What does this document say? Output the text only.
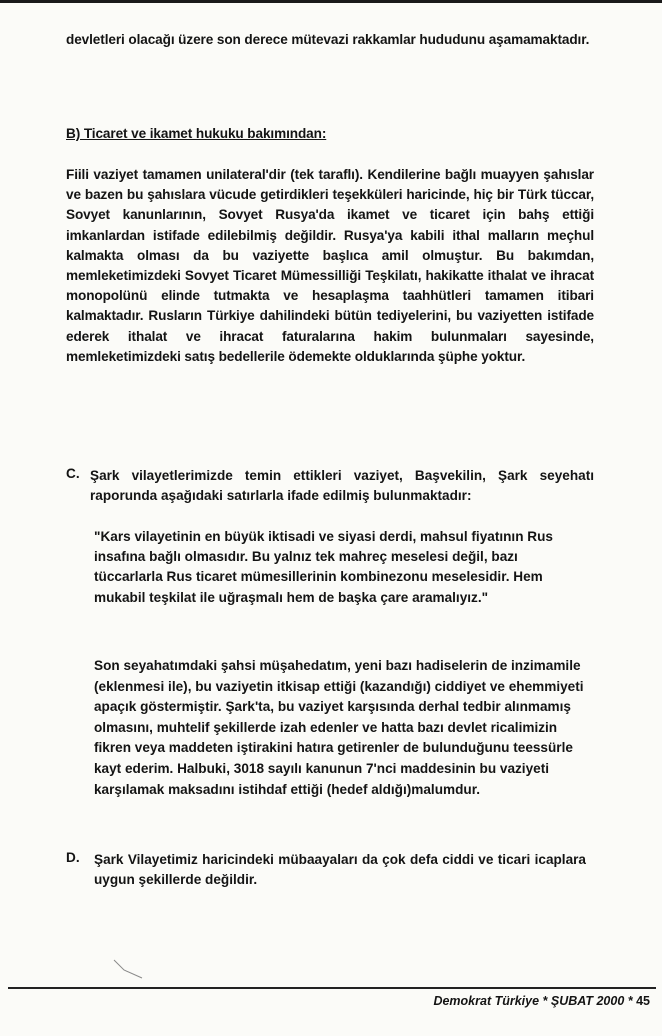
devletleri olacağı üzere son derece mütevazi rakkamlar hududunu aşamamaktadır.

B) Ticaret ve ikamet hukuku bakımından:

Fiili vaziyet tamamen unilateral'dir (tek taraflı). Kendilerine bağlı muayyen şahıslar ve bazen bu şahıslara vücude getirdikleri teşekküleri haricinde, hiç bir Türk tüccar, Sovyet kanunlarının, Sovyet Rusya'da ikamet ve ticaret için bahş ettiği imkanlardan istifade edilebilmiş değildir. Rusya'ya kabili ithal malların meçhul kalmakta olması da bu vaziyette başlıca amil olmuştur. Bu bakımdan, memleketimizdeki Sovyet Ticaret Mümessilliği Teşkilatı, hakikatte ithalat ve ihracat monopolünü elinde tutmakta ve hesaplaşma taahhütleri tamamen itibari kalmaktadır. Rusların Türkiye dahilindeki bütün tediyelerini, bu vaziyetten istifade ederek ithalat ve ihracat faturalarına hakim bulunmaları sayesinde, memleketimizdeki satış bedellerile ödemekte olduklarında şüphe yoktur.

C. Şark vilayetlerimizde temin ettikleri vaziyet, Başvekilin, Şark seyehatı raporunda aşağıdaki satırlarla ifade edilmiş bulunmaktadır:

"Kars vilayetinin en büyük iktisadi ve siyasi derdi, mahsul fiyatının Rus insafına bağlı olmasıdır. Bu yalnız tek mahreç meselesi değil, bazı tüccarlarla Rus ticaret mümesillerinin kombinezonu meselesidir. Hem mukabil teşkilat ile uğraşmalı hem de başka çare aramalıyız."

Son seyahatımdaki şahsi müşahedatım, yeni bazı hadiselerin de inzimamile (eklenmesi ile), bu vaziyetin itkisap ettiği (kazandığı) ciddiyet ve ehemmiyeti apaçık göstermiştir. Şark'ta, bu vaziyet karşısında derhal tedbir alınmamış olmasını, muhtelif şekillerde izah edenler ve hatta bazı devlet ricalimizin fikren veya maddeten iştirakini hatıra getirenler de bulunduğunu teessürle kayt ederim. Halbuki, 3018 sayılı kanunun 7'nci maddesinin bu vaziyeti karşılamak maksadını istihdaf ettiği (hedef aldığı)malumdur.

D. Şark Vilayetimiz haricindeki mübaayaları da çok defa ciddi ve ticari icaplara uygun şekillerde değildir.

Demokrat Türkiye * ŞUBAT 2000 * 45
